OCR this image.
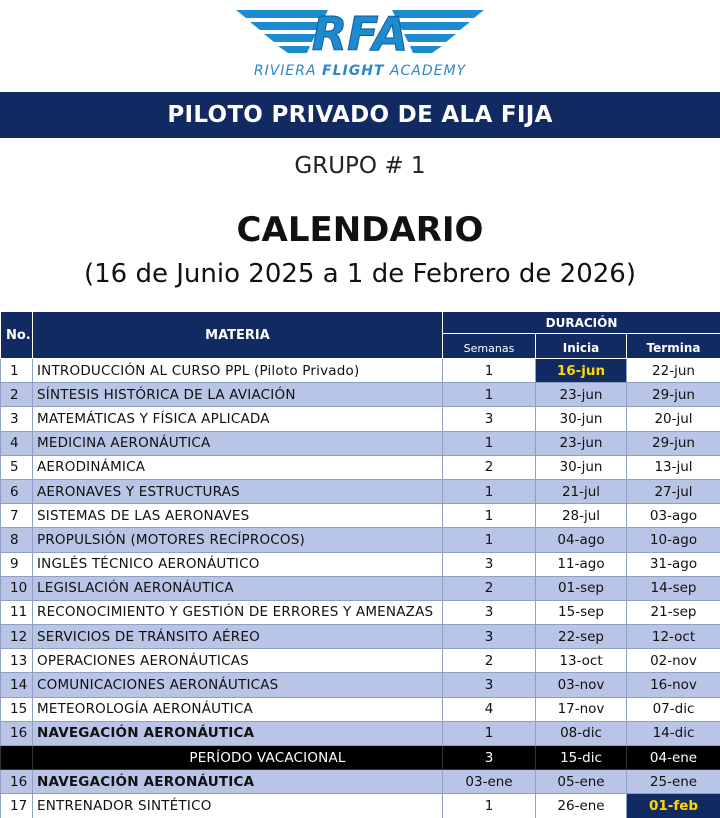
RFA
RIVIERA FLIGHT ACADEMY
PILOTO PRIVADO DE ALA FIJA
GRUPO # 1
CALENDARIO
(16 de Junio 2025 a 1 de Febrero de 2026)
No.	MATERIA	DURACIÓN		
		Semanas	Inicia	Termina
1	INTRODUCCIÓN AL CURSO PPL (Piloto Privado)	1	16-jun	22-jun
2	SÍNTESIS HISTÓRICA DE LA AVIACIÓN	1	23-jun	29-jun
3	MATEMÁTICAS Y FÍSICA APLICADA	3	30-jun	20-jul
4	MEDICINA AERONÁUTICA	1	23-jun	29-jun
5	AERODINÁMICA	2	30-jun	13-jul
6	AERONAVES Y ESTRUCTURAS	1	21-jul	27-jul
7	SISTEMAS DE LAS AERONAVES	1	28-jul	03-ago
8	PROPULSIÓN (MOTORES RECÍPROCOS)	1	04-ago	10-ago
9	INGLÉS TÉCNICO AERONÁUTICO	3	11-ago	31-ago
10	LEGISLACIÓN AERONÁUTICA	2	01-sep	14-sep
11	RECONOCIMIENTO Y GESTIÓN DE ERRORES Y AMENAZAS	3	15-sep	21-sep
12	SERVICIOS DE TRÁNSITO AÉREO	3	22-sep	12-oct
13	OPERACIONES AERONÁUTICAS	2	13-oct	02-nov
14	COMUNICACIONES AERONÁUTICAS	3	03-nov	16-nov
15	METEOROLOGÍA AERONÁUTICA	4	17-nov	07-dic
16	NAVEGACIÓN AERONÁUTICA	1	08-dic	14-dic
	PERÍODO VACACIONAL	3	15-dic	04-ene
16	NAVEGACIÓN AERONÁUTICA	03-ene	05-ene	25-ene
17	ENTRENADOR SINTÉTICO	1	26-ene	01-feb
